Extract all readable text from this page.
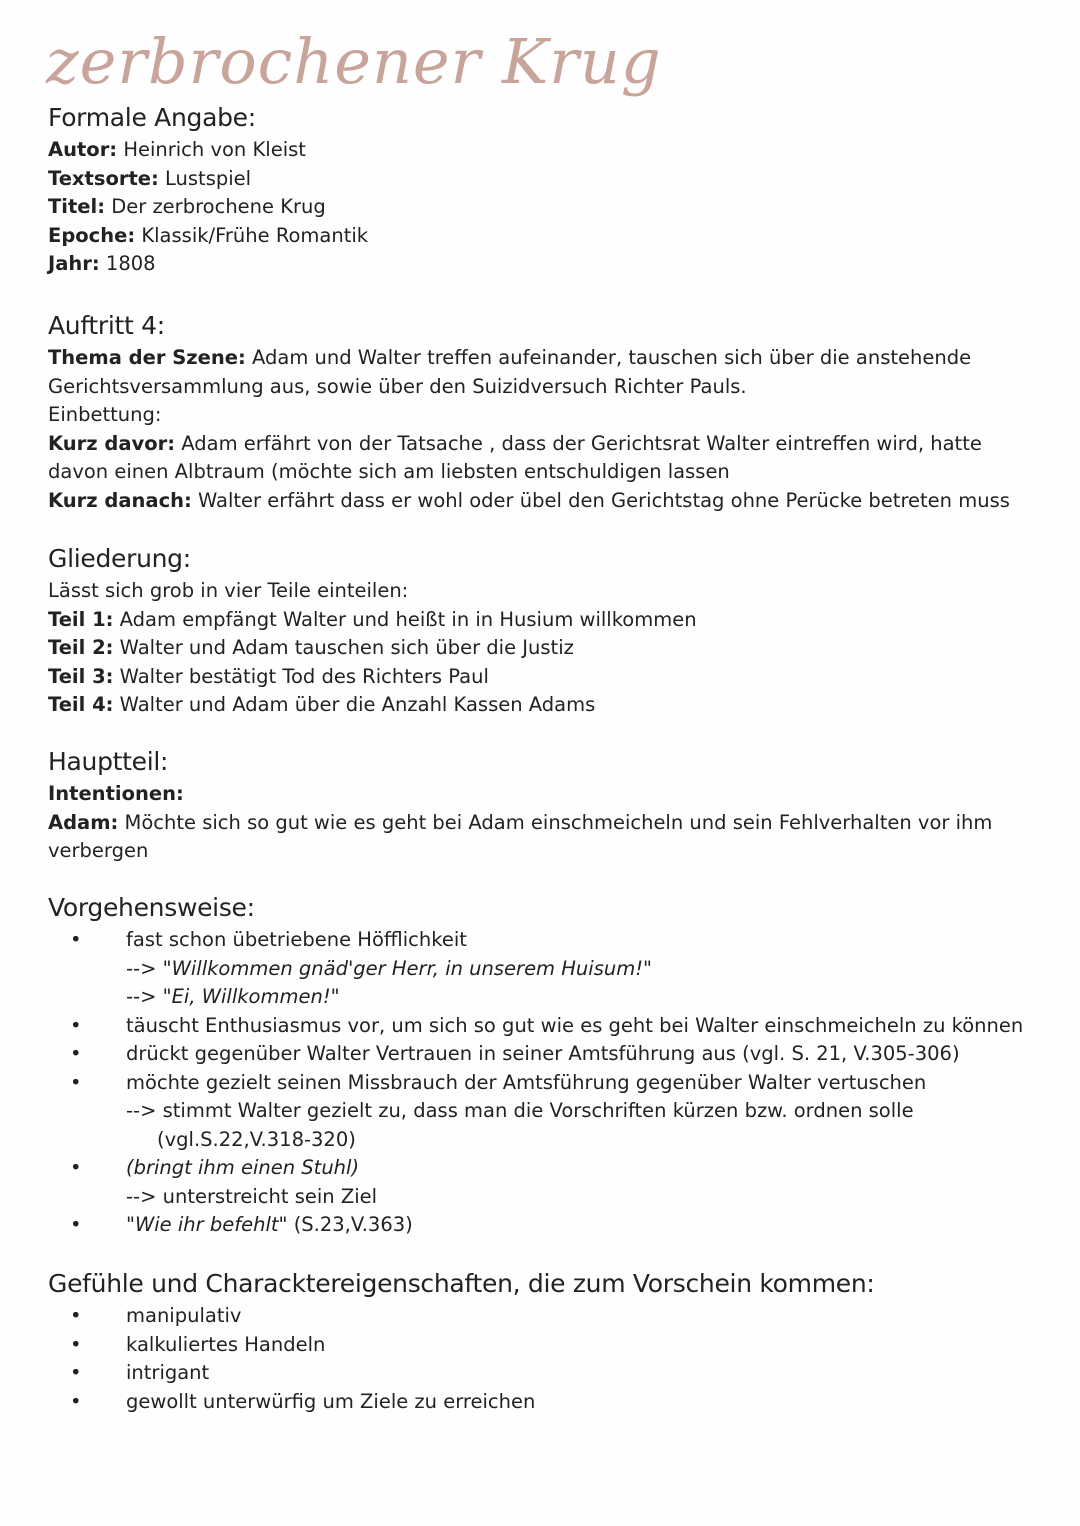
zerbrochener Krug
Formale Angabe:

Autor: Heinrich von Kleist

Textsorte: Lustspiel

Titel: Der zerbrochene Krug

Epoche: Klassik/Frühe Romantik

Jahr: 1808

Auftritt 4:

Thema der Szene: Adam und Walter treffen aufeinander, tauschen sich über die anstehende

Gerichtsversammlung aus, sowie über den Suizidversuch Richter Pauls.

Einbettung:

Kurz davor: Adam erfährt von der Tatsache , dass der Gerichtsrat Walter eintreffen wird, hatte

davon einen Albtraum (möchte sich am liebsten entschuldigen lassen

Kurz danach: Walter erfährt dass er wohl oder übel den Gerichtstag ohne Perücke betreten muss

Gliederung:

Lässt sich grob in vier Teile einteilen:

Teil 1: Adam empfängt Walter und heißt in in Husium willkommen

Teil 2: Walter und Adam tauschen sich über die Justiz

Teil 3: Walter bestätigt Tod des Richters Paul

Teil 4: Walter und Adam über die Anzahl Kassen Adams

Hauptteil:

Intentionen:

Adam: Möchte sich so gut wie es geht bei Adam einschmeicheln und sein Fehlverhalten vor ihm

verbergen

Vorgehensweise:
• fast schon übetriebene Höfflichkeit
--> "Willkommen gnäd'ger Herr, in unserem Huisum!"
--> "Ei, Willkommen!"
• täuscht Enthusiasmus vor, um sich so gut wie es geht bei Walter einschmeicheln zu können
• drückt gegenüber Walter Vertrauen in seiner Amtsführung aus (vgl. S. 21, V.305-306)
• möchte gezielt seinen Missbrauch der Amtsführung gegenüber Walter vertuschen
--> stimmt Walter gezielt zu, dass man die Vorschriften kürzen bzw. ordnen solle
(vgl.S.22,V.318-320)
• (bringt ihm einen Stuhl)
--> unterstreicht sein Ziel
• "Wie ihr befehlt" (S.23,V.363)
Gefühle und Characktereigenschaften, die zum Vorschein kommen:
• manipulativ
• kalkuliertes Handeln
• intrigant
• gewollt unterwürfig um Ziele zu erreichen
